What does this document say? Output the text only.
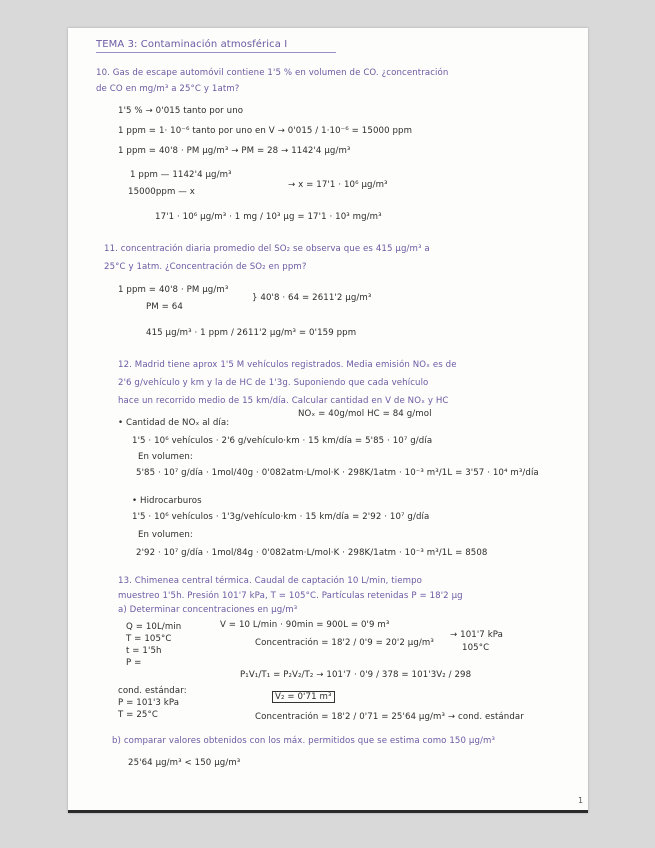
TEMA 3: Contaminación atmosférica I
10. Gas de escape automóvil contiene 1'5 % en volumen de CO. ¿concentración
de CO en mg/m³ a 25°C y 1atm?
1'5 % → 0'015 tanto por uno
1 ppm = 1· 10⁻⁶ tanto por uno en V → 0'015 / 1·10⁻⁶ = 15000 ppm
1 ppm = 40'8 · PM μg/m³ → PM = 28 → 1142'4 μg/m³
1 ppm — 1142'4 μg/m³
15000ppm — x
→ x = 17'1 · 10⁶ μg/m³
17'1 · 10⁶ μg/m³ · 1 mg / 10³ μg = 17'1 · 10³ mg/m³
11. concentración diaria promedio del SO₂ se observa que es 415 μg/m³ a
25°C y 1atm. ¿Concentración de SO₂ en ppm?
1 ppm = 40'8 · PM μg/m³
PM = 64
} 40'8 · 64 = 2611'2 μg/m³
415 μg/m³ · 1 ppm / 2611'2 μg/m³ = 0'159 ppm
12. Madrid tiene aprox 1'5 M vehículos registrados. Media emisión NOₓ es de
2'6 g/vehículo y km y la de HC de 1'3g. Suponiendo que cada vehículo
hace un recorrido medio de 15 km/día. Calcular cantidad en V de NOₓ y HC
NOₓ = 40g/mol HC = 84 g/mol
• Cantidad de NOₓ al día:
1'5 · 10⁶ vehículos · 2'6 g/vehículo·km · 15 km/día = 5'85 · 10⁷ g/día
En volumen:
5'85 · 10⁷ g/día · 1mol/40g · 0'082atm·L/mol·K · 298K/1atm · 10⁻³ m³/1L = 3'57 · 10⁴ m³/día
• Hidrocarburos
1'5 · 10⁶ vehículos · 1'3g/vehículo·km · 15 km/día = 2'92 · 10⁷ g/día
En volumen:
2'92 · 10⁷ g/día · 1mol/84g · 0'082atm·L/mol·K · 298K/1atm · 10⁻³ m³/1L = 8508
13. Chimenea central térmica. Caudal de captación 10 L/min, tiempo
muestreo 1'5h. Presión 101'7 kPa, T = 105°C. Partículas retenidas P = 18'2 μg
a) Determinar concentraciones en μg/m³
Q = 10L/min	V = 10 L/min · 90min = 900L = 0'9 m³
T = 105°C
t = 1'5h
Concentración = 18'2 / 0'9 = 20'2 μg/m³
→ 101'7 kPa
105°C
P =
P₁V₁/T₁ = P₂V₂/T₂ → 101'7 · 0'9 / 378 = 101'3V₂ / 298
cond. estándar:
P = 101'3 kPa
T = 25°C
V₂ = 0'71 m³
Concentración = 18'2 / 0'71 = 25'64 μg/m³ → cond. estándar
b) comparar valores obtenidos con los máx. permitidos que se estima como 150 μg/m³
25'64 μg/m³ < 150 μg/m³
1
